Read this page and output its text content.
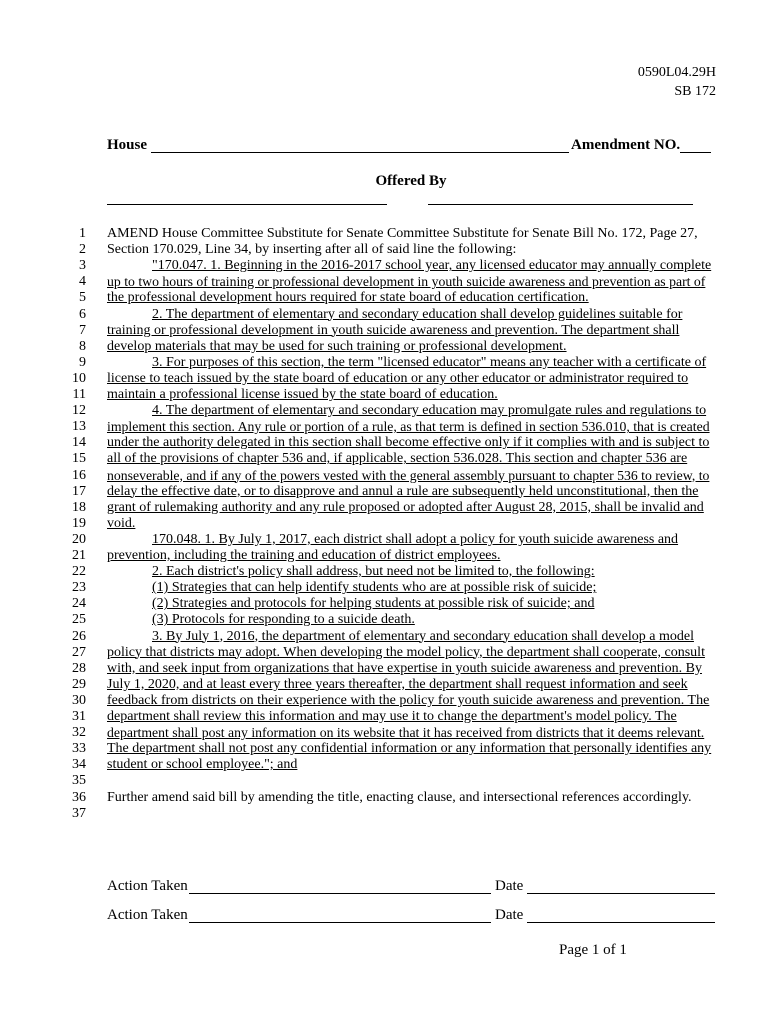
0590L04.29H
SB 172
House	Amendment NO.
Offered By
1 AMEND House Committee Substitute for Senate Committee Substitute for Senate Bill No. 172, Page 27,
2 Section 170.029, Line 34, by inserting after all of said line the following:
3	"170.047. 1. Beginning in the 2016-2017 school year, any licensed educator may annually complete
4 up to two hours of training or professional development in youth suicide awareness and prevention as part of
5 the professional development hours required for state board of education certification.
6	2. The department of elementary and secondary education shall develop guidelines suitable for
7 training or professional development in youth suicide awareness and prevention. The department shall
8 develop materials that may be used for such training or professional development.
9	3. For purposes of this section, the term "licensed educator" means any teacher with a certificate of
10 license to teach issued by the state board of education or any other educator or administrator required to
11 maintain a professional license issued by the state board of education.
12	4. The department of elementary and secondary education may promulgate rules and regulations to
13 implement this section. Any rule or portion of a rule, as that term is defined in section 536.010, that is created
14 under the authority delegated in this section shall become effective only if it complies with and is subject to
15 all of the provisions of chapter 536 and, if applicable, section 536.028. This section and chapter 536 are
16 nonseverable, and if any of the powers vested with the general assembly pursuant to chapter 536 to review, to
17 delay the effective date, or to disapprove and annul a rule are subsequently held unconstitutional, then the
18 grant of rulemaking authority and any rule proposed or adopted after August 28, 2015, shall be invalid and
19 void.
20	170.048. 1. By July 1, 2017, each district shall adopt a policy for youth suicide awareness and
21 prevention, including the training and education of district employees.
22	2. Each district's policy shall address, but need not be limited to, the following:
23	(1) Strategies that can help identify students who are at possible risk of suicide;
24	(2) Strategies and protocols for helping students at possible risk of suicide; and
25	(3) Protocols for responding to a suicide death.
26	3. By July 1, 2016, the department of elementary and secondary education shall develop a model
27 policy that districts may adopt. When developing the model policy, the department shall cooperate, consult
28 with, and seek input from organizations that have expertise in youth suicide awareness and prevention. By
29 July 1, 2020, and at least every three years thereafter, the department shall request information and seek
30 feedback from districts on their experience with the policy for youth suicide awareness and prevention. The
31 department shall review this information and may use it to change the department's model policy. The
32 department shall post any information on its website that it has received from districts that it deems relevant.
33 The department shall not post any confidential information or any information that personally identifies any
34 student or school employee."; and
35
36 Further amend said bill by amending the title, enacting clause, and intersectional references accordingly.
37
Action Taken	Date
Action Taken	Date
Page 1 of 1
